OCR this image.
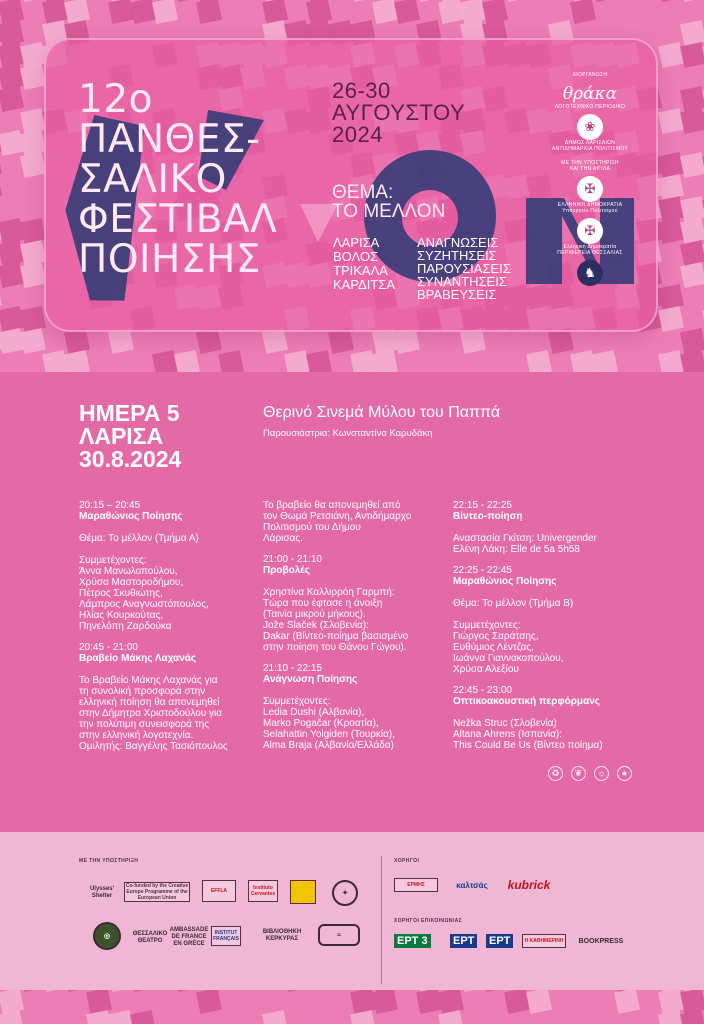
12ο
ΠΑΝΘΕΣ-
ΣΑΛΙΚΟ
ΦΕΣΤΙΒΑΛ
ΠΟΙΗΣΗΣ
26-30
ΑΥΓΟΥΣΤΟΥ
2024
ΘΕΜΑ:
ΤΟ ΜΕΛΛΟΝ
ΛΑΡΙΣΑ
ΒΟΛΟΣ
ΤΡΙΚΑΛΑ
ΚΑΡΔΙΤΣΑ
ΑΝΑΓΝΩΣΕΙΣ
ΣΥΖΗΤΗΣΕΙΣ
ΠΑΡΟΥΣΙΑΣΕΙΣ
ΣΥΝΑΝΤΗΣΕΙΣ
ΒΡΑΒΕΥΣΕΙΣ
ΔΙΟΡΓΑΝΩΣΗ
θράκα
ΛΟΓΟΤΕΧΝΙΚΟ ΠΕΡΙΟΔΙΚΟ
❀
ΔΗΜΟΣ ΛΑΡΙΣΑΙΩΝ
ΑΝΤΙΔΗΜΑΡΧΙΑ ΠΟΛΙΤΙΣΜΟΥ
ΜΕ ΤΗΝ ΥΠΟΣΤΗΡΙΞΗ
ΚΑΙ ΤΗΝ ΑΙΓΙΔΑ
✠
ΕΛΛΗΝΙΚΗ ΔΗΜΟΚΡΑΤΙΑ
Υπουργείο Πολιτισμού
✠
Ελληνική Δημοκρατία
ΠΕΡΙΦΕΡΕΙΑ ΘΕΣΣΑΛΙΑΣ
♞
ΗΜΕΡΑ 5
ΛΑΡΙΣΑ
30.8.2024
Θερινό Σινεμά Μύλου του Παππά
Παρουσιάστρια: Κωνσταντίνα Καρυδάκη
20:15 – 20:45
Μαραθώνιος Ποίησης
Θέμα: Το μέλλον (Τμήμα Α)
Συμμετέχοντες:
Άννα Μανωλοπούλου,
Χρύσα Μαστοροδήμου,
Πέτρος Σκυθιώτης,
Λάμπρος Αναγνωστόπουλος,
Ηλίας Κουρκούτας,
Πηνελόπη Ζαρδούκα
20:45 - 21:00
Βραβείο Μάκης Λαχανάς
Το Βραβείο Μάκης Λαχανάς για
τη συνολική προσφορά στην
ελληνική ποίηση θα απονεμηθεί
στην Δήμητρα Χριστοδούλου για
την πολύτιμη συνεισφορά της
στην ελληνική λογοτεχνία.
Ομιλητής: Βαγγέλης Τασιόπουλος
Το βραβείο θα απονεμηθεί από
τον Θωμά Ρετσιάνη, Αντιδήμαρχο
Πολιτισμού του Δήμου
Λάρισας.
21:00 - 21:10
Προβολές
Χρηστίνα Καλλιρρόη Γαρμπή:
Τώρα που έφτασε η άνοιξη
(Ταινία μικρού μήκους).
Jože Slaček (Σλοβενία):
Dakar (Βίντεο-ποίημα βασισμένο
στην ποίηση του Θάνου Γώγου).
21:10 - 22:15
Ανάγνωση Ποίησης
Συμμετέχοντες:
Ledia Dushi (Αλβανία),
Marko Pogačar (Κροατία),
Selahattin Yolgiden (Τουρκία),
Alma Braja (Αλβανία/Ελλάδα)
22:15 - 22:25
Βίντεο-ποίηση
Αναστασία Γκίτση: Univergender
Ελένη Λάκη: Elle de 5a 5h58
22:25 - 22:45
Μαραθώνιος Ποίησης
Θέμα: Το μέλλον (Τμήμα Β)
Συμμετέχοντες:
Γιώργος Σαράτσης,
Ευθύμιος Λέντζας,
Ιωάννα Γιαννακοπούλου,
Χρύσα Αλεξίου
22:45 - 23:00
Οπτικοακουστική περφόρμανς
Nežka Struc (Σλοβενία)
Altana Ahrens (Ισπανία):
This Could Be Us (Βίντεο ποίημα)
♻	❦	☼	●
ΜΕ ΤΗΝ ΥΠΟΣΤΗΡΙΞΗ	ΧΟΡΗΓΟΙ
ΧΟΡΗΓΟΙ ΕΠΙΚΟΙΝΩΝΙΑΣ
Ulysses' Shelter
Co-funded by the Creative Europe Programme of the European Union
EFFLA	Instituto Cervantes	✦
◎	ΘΕΣΣΑΛΙΚΟ ΘΕΑΤΡΟ
AMBASSADE DE FRANCE EN GRÈCE
INSTITUT FRANÇAIS
ΒΙΒΛΙΟΘΗΚΗ ΚΕΡΚΥΡΑΣ
≈
ΕΡΜΗΣ	καλτσάς	kubrick
ΕΡΤ 3 ΕΡΤ ΕΡΤ	Η ΚΑΘΗΜΕΡΙΝΗ	BOOKPRESS
